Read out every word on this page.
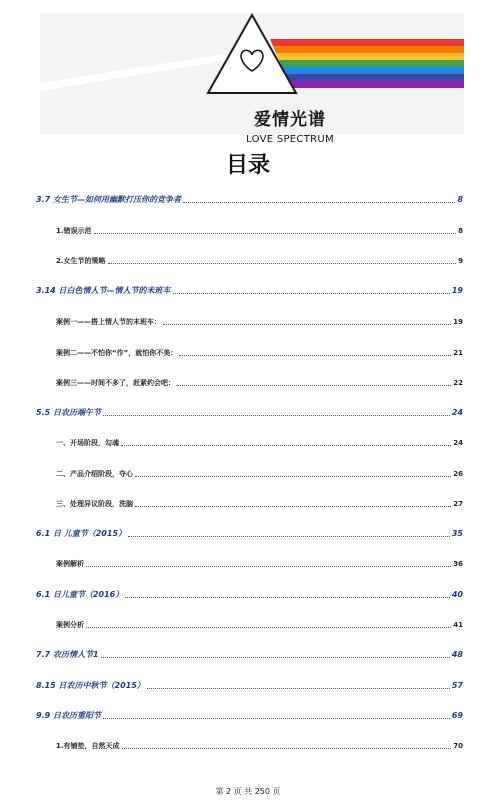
爱情光谱
LOVE SPECTRUM
目录
3.7 女生节—如何用幽默打压你的竞争者	8
1.错误示范	8
2.女生节的策略	9
3.14 日白色情人节—情人节的末班车	19
案例一——搭上情人节的末班车：	19
案例二——不怕你“作”，就怕你不美：	21
案例三——时间不多了，赶紧约会吧：	22
5.5 日农历端午节	24
一、开场阶段，勾魂	24
二、产品介绍阶段，夺心	26
三、处理异议阶段，洗脑	27
6.1 日 儿童节（2015）	35
案例解析	36
6.1 日儿童节（2016）	40
案例分析	41
7.7 农历情人节1	48
8.15 日农历中秋节（2015）	57
9.9 日农历重阳节	69
1.有铺垫，自然天成	70
第 2 页 共 250 页
